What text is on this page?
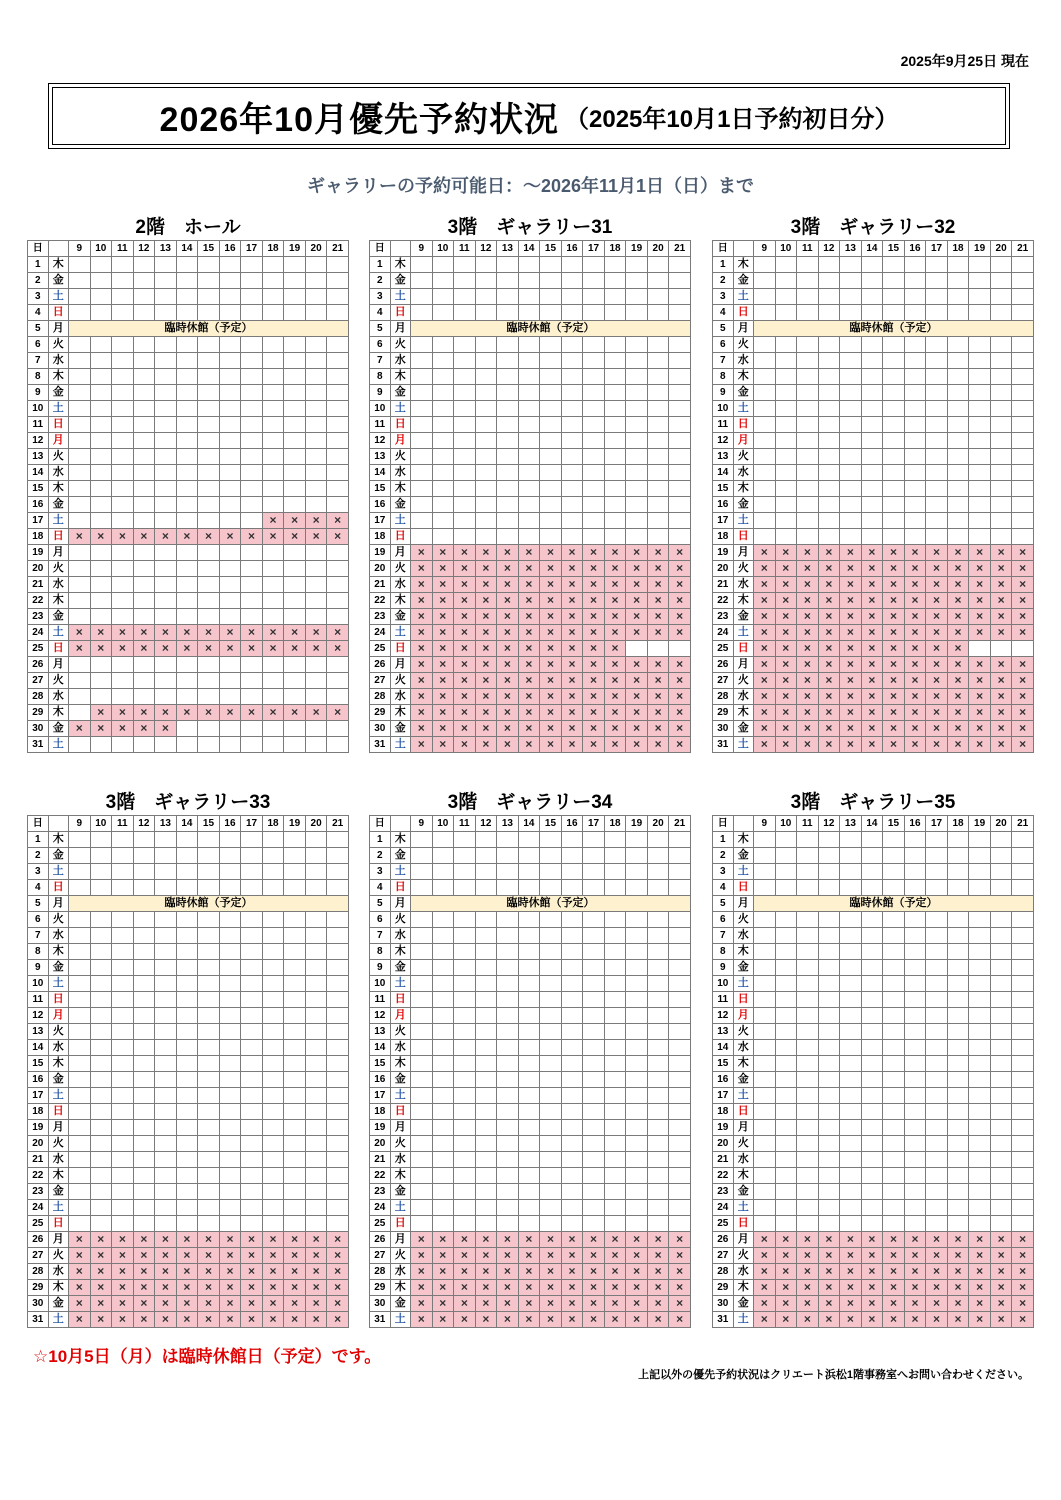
2025年9月25日 現在
2026年10月優先予約状況 （2025年10月1日予約初日分）
ギャラリーの予約可能日：～2026年11月1日（日）まで
2階　ホール
日		9	10	11	12	13	14	15	16	17	18	19	20	21
1	木													
2	金													
3	土													
4	日													
5	月	臨時休館（予定）												
6	火													
7	水													
8	木													
9	金													
10	土													
11	日													
12	月													
13	火													
14	水													
15	木													
16	金													
17	土										×	×	×	×
18	日	×	×	×	×	×	×	×	×	×	×	×	×	×
19	月													
20	火													
21	水													
22	木													
23	金													
24	土	×	×	×	×	×	×	×	×	×	×	×	×	×
25	日	×	×	×	×	×	×	×	×	×	×	×	×	×
26	月													
27	火													
28	水													
29	木		×	×	×	×	×	×	×	×	×	×	×	×
30	金	×	×	×	×	×								
31	土													
3階　ギャラリー31
日		9	10	11	12	13	14	15	16	17	18	19	20	21
1	木													
2	金													
3	土													
4	日													
5	月	臨時休館（予定）												
6	火													
7	水													
8	木													
9	金													
10	土													
11	日													
12	月													
13	火													
14	水													
15	木													
16	金													
17	土													
18	日													
19	月	×	×	×	×	×	×	×	×	×	×	×	×	×
20	火	×	×	×	×	×	×	×	×	×	×	×	×	×
21	水	×	×	×	×	×	×	×	×	×	×	×	×	×
22	木	×	×	×	×	×	×	×	×	×	×	×	×	×
23	金	×	×	×	×	×	×	×	×	×	×	×	×	×
24	土	×	×	×	×	×	×	×	×	×	×	×	×	×
25	日	×	×	×	×	×	×	×	×	×	×			
26	月	×	×	×	×	×	×	×	×	×	×	×	×	×
27	火	×	×	×	×	×	×	×	×	×	×	×	×	×
28	水	×	×	×	×	×	×	×	×	×	×	×	×	×
29	木	×	×	×	×	×	×	×	×	×	×	×	×	×
30	金	×	×	×	×	×	×	×	×	×	×	×	×	×
31	土	×	×	×	×	×	×	×	×	×	×	×	×	×
3階　ギャラリー32
日		9	10	11	12	13	14	15	16	17	18	19	20	21
1	木													
2	金													
3	土													
4	日													
5	月	臨時休館（予定）												
6	火													
7	水													
8	木													
9	金													
10	土													
11	日													
12	月													
13	火													
14	水													
15	木													
16	金													
17	土													
18	日													
19	月	×	×	×	×	×	×	×	×	×	×	×	×	×
20	火	×	×	×	×	×	×	×	×	×	×	×	×	×
21	水	×	×	×	×	×	×	×	×	×	×	×	×	×
22	木	×	×	×	×	×	×	×	×	×	×	×	×	×
23	金	×	×	×	×	×	×	×	×	×	×	×	×	×
24	土	×	×	×	×	×	×	×	×	×	×	×	×	×
25	日	×	×	×	×	×	×	×	×	×	×			
26	月	×	×	×	×	×	×	×	×	×	×	×	×	×
27	火	×	×	×	×	×	×	×	×	×	×	×	×	×
28	水	×	×	×	×	×	×	×	×	×	×	×	×	×
29	木	×	×	×	×	×	×	×	×	×	×	×	×	×
30	金	×	×	×	×	×	×	×	×	×	×	×	×	×
31	土	×	×	×	×	×	×	×	×	×	×	×	×	×
3階　ギャラリー33
日		9	10	11	12	13	14	15	16	17	18	19	20	21
1	木													
2	金													
3	土													
4	日													
5	月	臨時休館（予定）												
6	火													
7	水													
8	木													
9	金													
10	土													
11	日													
12	月													
13	火													
14	水													
15	木													
16	金													
17	土													
18	日													
19	月													
20	火													
21	水													
22	木													
23	金													
24	土													
25	日													
26	月	×	×	×	×	×	×	×	×	×	×	×	×	×
27	火	×	×	×	×	×	×	×	×	×	×	×	×	×
28	水	×	×	×	×	×	×	×	×	×	×	×	×	×
29	木	×	×	×	×	×	×	×	×	×	×	×	×	×
30	金	×	×	×	×	×	×	×	×	×	×	×	×	×
31	土	×	×	×	×	×	×	×	×	×	×	×	×	×
3階　ギャラリー34
日		9	10	11	12	13	14	15	16	17	18	19	20	21
1	木													
2	金													
3	土													
4	日													
5	月	臨時休館（予定）												
6	火													
7	水													
8	木													
9	金													
10	土													
11	日													
12	月													
13	火													
14	水													
15	木													
16	金													
17	土													
18	日													
19	月													
20	火													
21	水													
22	木													
23	金													
24	土													
25	日													
26	月	×	×	×	×	×	×	×	×	×	×	×	×	×
27	火	×	×	×	×	×	×	×	×	×	×	×	×	×
28	水	×	×	×	×	×	×	×	×	×	×	×	×	×
29	木	×	×	×	×	×	×	×	×	×	×	×	×	×
30	金	×	×	×	×	×	×	×	×	×	×	×	×	×
31	土	×	×	×	×	×	×	×	×	×	×	×	×	×
3階　ギャラリー35
日		9	10	11	12	13	14	15	16	17	18	19	20	21
1	木													
2	金													
3	土													
4	日													
5	月	臨時休館（予定）												
6	火													
7	水													
8	木													
9	金													
10	土													
11	日													
12	月													
13	火													
14	水													
15	木													
16	金													
17	土													
18	日													
19	月													
20	火													
21	水													
22	木													
23	金													
24	土													
25	日													
26	月	×	×	×	×	×	×	×	×	×	×	×	×	×
27	火	×	×	×	×	×	×	×	×	×	×	×	×	×
28	水	×	×	×	×	×	×	×	×	×	×	×	×	×
29	木	×	×	×	×	×	×	×	×	×	×	×	×	×
30	金	×	×	×	×	×	×	×	×	×	×	×	×	×
31	土	×	×	×	×	×	×	×	×	×	×	×	×	×
☆10月5日（月）は臨時休館日（予定）です。
上記以外の優先予約状況はクリエート浜松1階事務室へお問い合わせください。
